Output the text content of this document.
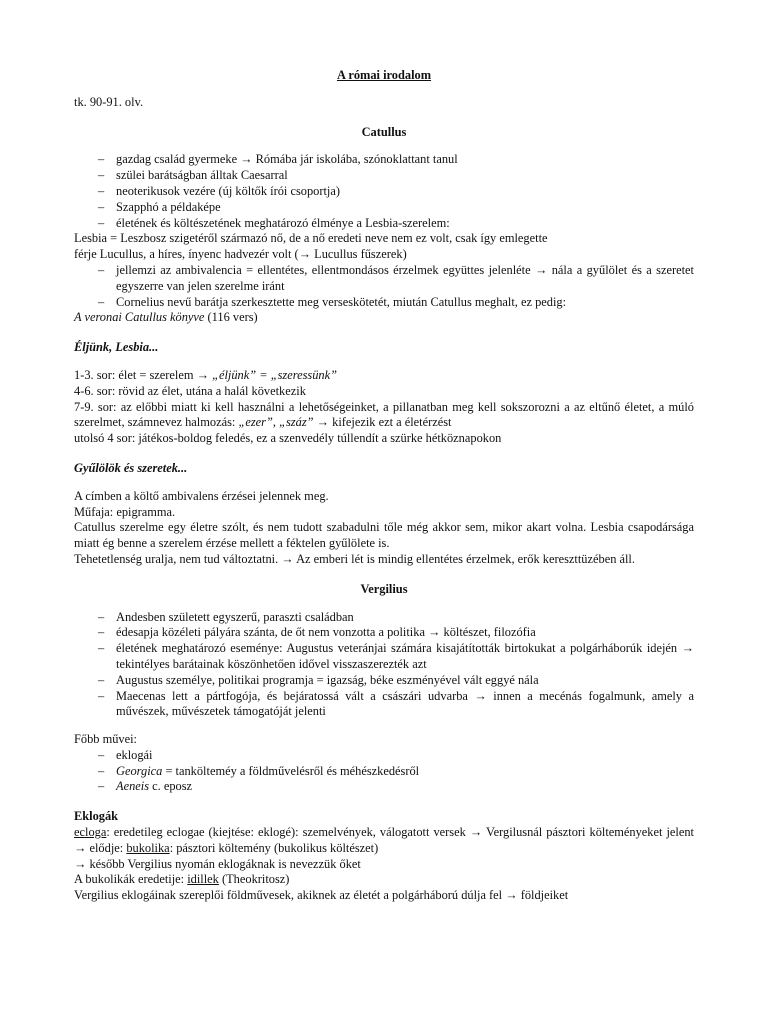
A római irodalom

tk. 90-91. olv.

Catullus

– gazdag család gyermeke → Rómába jár iskolába, szónoklattant tanul
– szülei barátságban álltak Caesarral
– neoterikusok vezére (új költők írói csoportja)
– Szapphó a példaképe
– életének és költészetének meghatározó élménye a Lesbia-szerelem:

Lesbia = Leszbosz szigetéről származó nő, de a nő eredeti neve nem ez volt, csak így emlegette férje Lucullus, a híres, ínyenc hadvezér volt (→ Lucullus fűszerek)

– jellemzi az ambivalencia = ellentétes, ellentmondásos érzelmek együttes jelenléte → nála a gyűlölet és a szeretet egyszerre van jelen szerelme iránt
– Cornelius nevű barátja szerkesztette meg verseskötetét, miután Catullus meghalt, ez pedig:

A veronai Catullus könyve (116 vers)

Éljünk, Lesbia...

1-3. sor: élet = szerelem → „éljünk” = „szeressünk”

4-6. sor: rövid az élet, utána a halál következik

7-9. sor: az előbbi miatt ki kell használni a lehetőségeinket, a pillanatban meg kell sokszorozni a az eltűnő életet, a múló szerelmet, számnevez halmozás: „ezer”, „száz” → kifejezik ezt a életérzést

utolsó 4 sor: játékos-boldog feledés, ez a szenvedély túllendít a szürke hétköznapokon

Gyűlölök és szeretek...

A címben a költő ambivalens érzései jelennek meg.

Műfaja: epigramma.

Catullus szerelme egy életre szólt, és nem tudott szabadulni tőle még akkor sem, mikor akart volna. Lesbia csapodársága miatt ég benne a szerelem érzése mellett a féktelen gyűlölete is.

Tehetetlenség uralja, nem tud változtatni. → Az emberi lét is mindig ellentétes érzelmek, erők kereszttüzében áll.

Vergilius

– Andesben született egyszerű, paraszti családban
– édesapja közéleti pályára szánta, de őt nem vonzotta a politika → költészet, filozófia
– életének meghatározó eseménye: Augustus veteránjai számára kisajátították birtokukat a polgárháborúk idején → tekintélyes barátainak köszönhetően idővel visszaszerezték azt
– Augustus személye, politikai programja = igazság, béke eszményével vált eggyé nála
– Maecenas lett a pártfogója, és bejáratossá vált a császári udvarba → innen a mecénás fogalmunk, amely a művészek, művészetek támogatóját jelenti

Főbb művei:

– eklogái
– Georgica = tankölteméy a földművelésről és méhészkedésről
– Aeneis c. eposz

Eklogák

ecloga: eredetileg eclogae (kiejtése: eklogé): szemelvények, válogatott versek → Vergilusnál pásztori költeményeket jelent → elődje: bukolika: pásztori költemény (bukolikus költészet)

→ később Vergilius nyomán eklogáknak is nevezzük őket

A bukolikák eredetije: idillek (Theokritosz)

Vergilius eklogáinak szereplői földművesek, akiknek az életét a polgárháború dúlja fel → földjeiket
